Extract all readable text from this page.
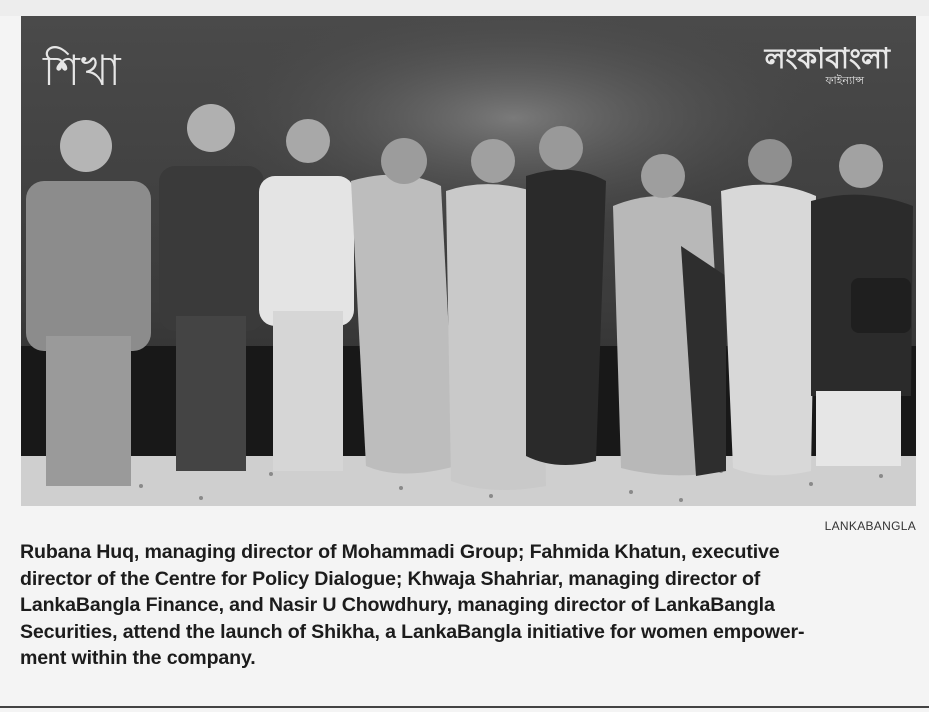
শিখা	লংকাবাংলা
ফাইন্যান্স
LANKABANGLA
Rubana Huq, managing director of Mohammadi Group; Fahmida Khatun, executive
director of the Centre for Policy Dialogue; Khwaja Shahriar, managing director of
LankaBangla Finance, and Nasir U Chowdhury, managing director of LankaBangla
Securities, attend the launch of Shikha, a LankaBangla initiative for women empower-
ment within the company.
